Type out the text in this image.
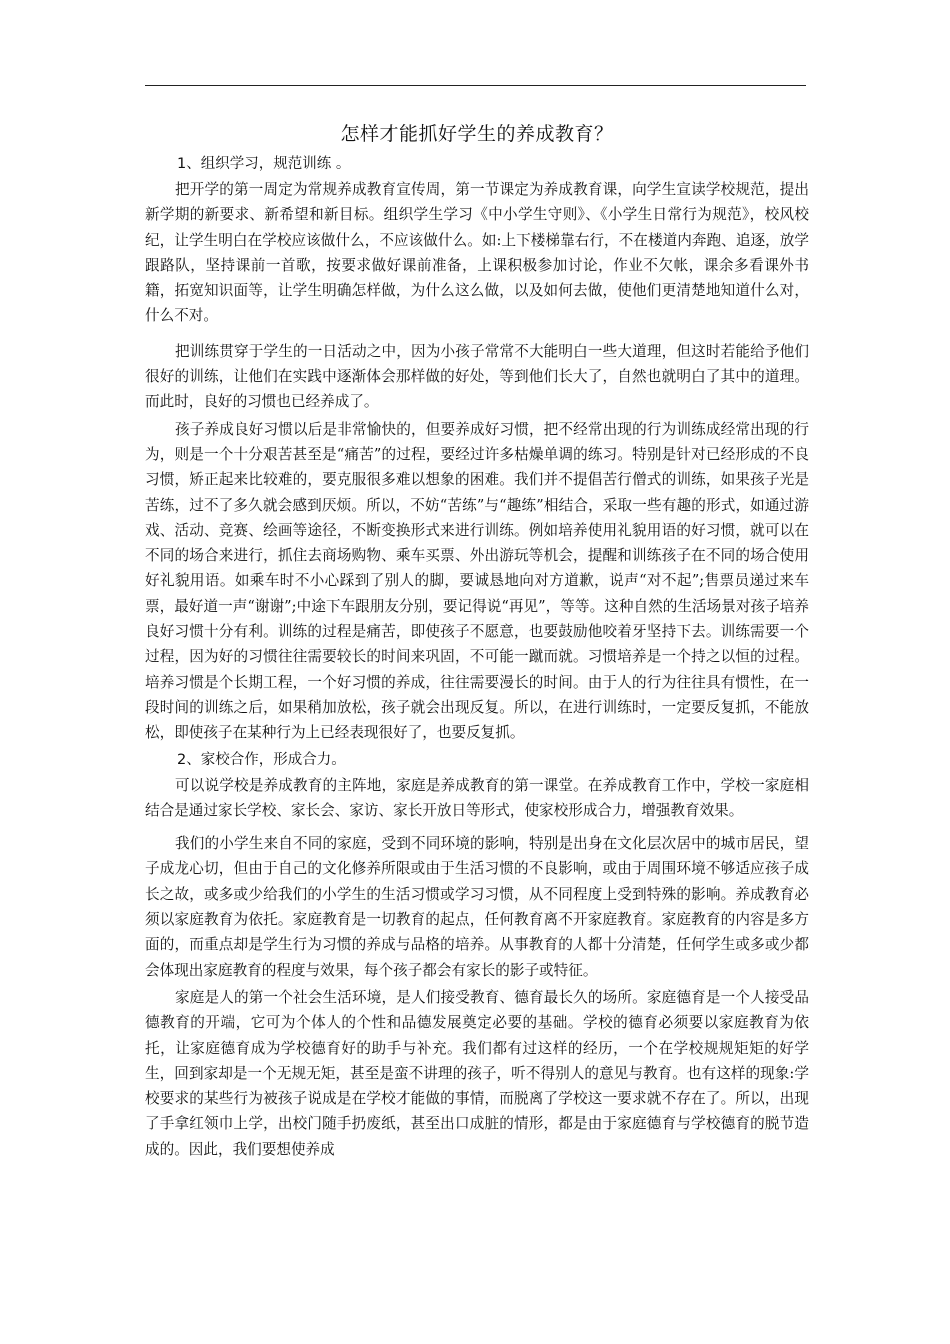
怎样才能抓好学生的养成教育？
1、组织学习，规范训练 。

把开学的第一周定为常规养成教育宣传周，第一节课定为养成教育课，向学生宣读学校规范，提出新学期的新要求、新希望和新目标。组织学生学习《中小学生守则》、《小学生日常行为规范》，校风校纪，让学生明白在学校应该做什么，不应该做什么。如:上下楼梯靠右行，不在楼道内奔跑、追逐，放学跟路队，坚持课前一首歌，按要求做好课前准备，上课积极参加讨论，作业不欠帐，课余多看课外书籍，拓宽知识面等，让学生明确怎样做，为什么这么做，以及如何去做，使他们更清楚地知道什么对，什么不对。

把训练贯穿于学生的一日活动之中，因为小孩子常常不大能明白一些大道理，但这时若能给予他们很好的训练，让他们在实践中逐渐体会那样做的好处，等到他们长大了，自然也就明白了其中的道理。而此时，良好的习惯也已经养成了。

孩子养成良好习惯以后是非常愉快的，但要养成好习惯，把不经常出现的行为训练成经常出现的行为，则是一个十分艰苦甚至是“痛苦”的过程，要经过许多枯燥单调的练习。特别是针对已经形成的不良习惯，矫正起来比较难的，要克服很多难以想象的困难。我们并不提倡苦行僧式的训练，如果孩子光是苦练，过不了多久就会感到厌烦。所以，不妨“苦练”与“趣练”相结合，采取一些有趣的形式，如通过游戏、活动、竞赛、绘画等途径，不断变换形式来进行训练。例如培养使用礼貌用语的好习惯，就可以在不同的场合来进行，抓住去商场购物、乘车买票、外出游玩等机会，提醒和训练孩子在不同的场合使用好礼貌用语。如乘车时不小心踩到了别人的脚，要诚恳地向对方道歉，说声“对不起”;售票员递过来车票，最好道一声“谢谢”;中途下车跟朋友分别，要记得说“再见”，等等。这种自然的生活场景对孩子培养良好习惯十分有利。训练的过程是痛苦，即使孩子不愿意，也要鼓励他咬着牙坚持下去。训练需要一个过程，因为好的习惯往往需要较长的时间来巩固，不可能一蹴而就。习惯培养是一个持之以恒的过程。培养习惯是个长期工程，一个好习惯的养成，往往需要漫长的时间。由于人的行为往往具有惯性，在一段时间的训练之后，如果稍加放松，孩子就会出现反复。所以，在进行训练时，一定要反复抓，不能放松，即使孩子在某种行为上已经表现很好了，也要反复抓。

2、家校合作，形成合力。

可以说学校是养成教育的主阵地，家庭是养成教育的第一课堂。在养成教育工作中，学校一家庭相结合是通过家长学校、家长会、家访、家长开放日等形式，使家校形成合力，增强教育效果。

我们的小学生来自不同的家庭，受到不同环境的影响，特别是出身在文化层次居中的城市居民，望子成龙心切，但由于自己的文化修养所限或由于生活习惯的不良影响，或由于周围环境不够适应孩子成长之故，或多或少给我们的小学生的生活习惯或学习习惯，从不同程度上受到特殊的影响。养成教育必须以家庭教育为依托。家庭教育是一切教育的起点，任何教育离不开家庭教育。家庭教育的内容是多方面的，而重点却是学生行为习惯的养成与品格的培养。从事教育的人都十分清楚，任何学生或多或少都会体现出家庭教育的程度与效果，每个孩子都会有家长的影子或特征。

家庭是人的第一个社会生活环境，是人们接受教育、德育最长久的场所。家庭德育是一个人接受品德教育的开端，它可为个体人的个性和品德发展奠定必要的基础。学校的德育必须要以家庭教育为依托，让家庭德育成为学校德育好的助手与补充。我们都有过这样的经历，一个在学校规规矩矩的好学生，回到家却是一个无规无矩，甚至是蛮不讲理的孩子，听不得别人的意见与教育。也有这样的现象:学校要求的某些行为被孩子说成是在学校才能做的事情，而脱离了学校这一要求就不存在了。所以，出现了手拿红领巾上学，出校门随手扔废纸，甚至出口成脏的情形，都是由于家庭德育与学校德育的脱节造成的。因此，我们要想使养成
